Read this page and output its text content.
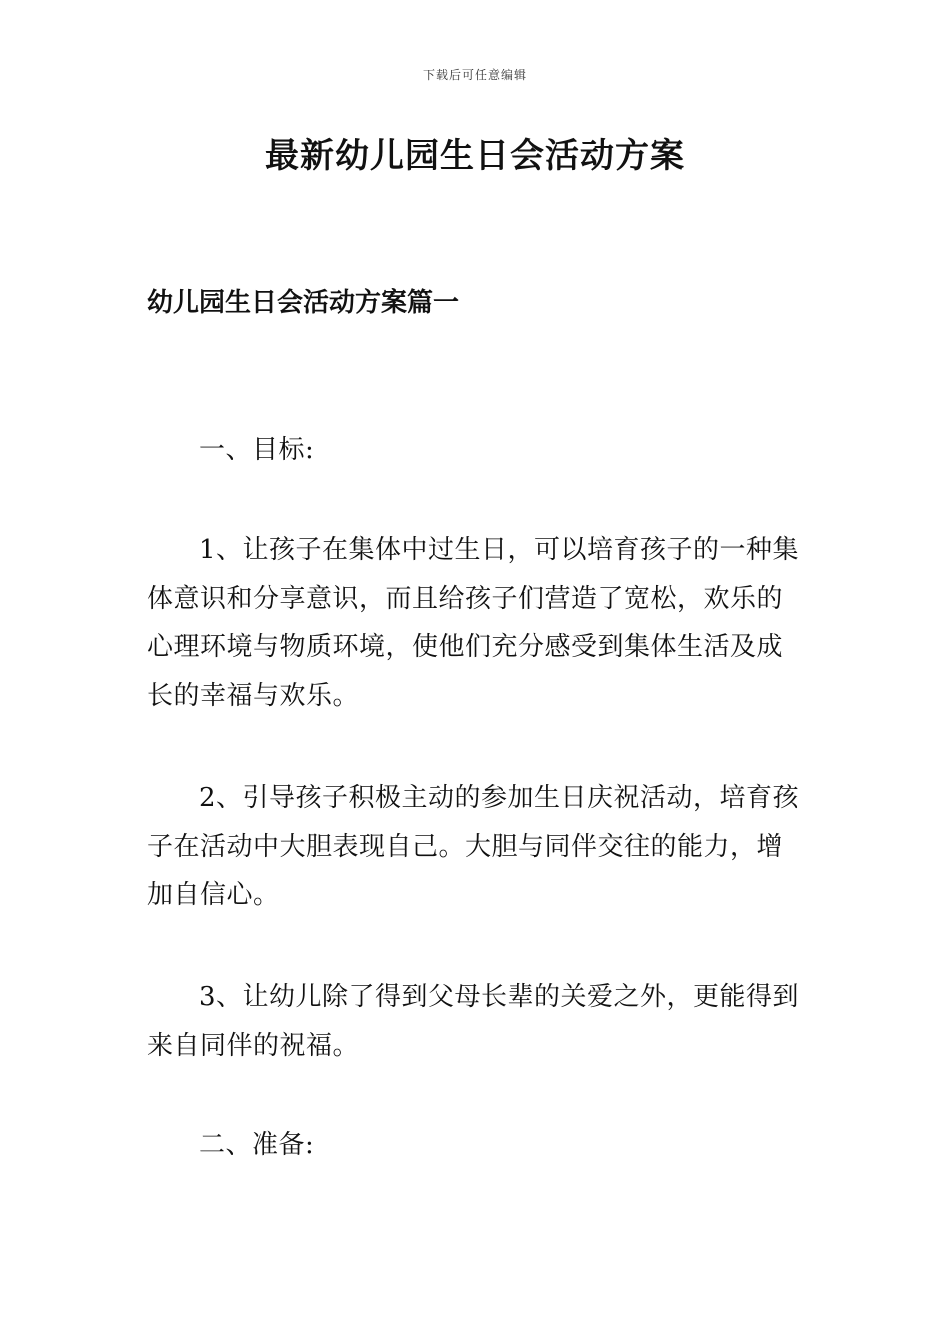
下载后可任意编辑
最新幼儿园生日会活动方案
幼儿园生日会活动方案篇一

一、目标:

1、让孩子在集体中过生日，可以培育孩子的一种集体意识和分享意识，而且给孩子们营造了宽松，欢乐的心理环境与物质环境，使他们充分感受到集体生活及成长的幸福与欢乐。

2、引导孩子积极主动的参加生日庆祝活动，培育孩子在活动中大胆表现自己。大胆与同伴交往的能力，增加自信心。

3、让幼儿除了得到父母长辈的关爱之外，更能得到来自同伴的祝福。

二、准备:
